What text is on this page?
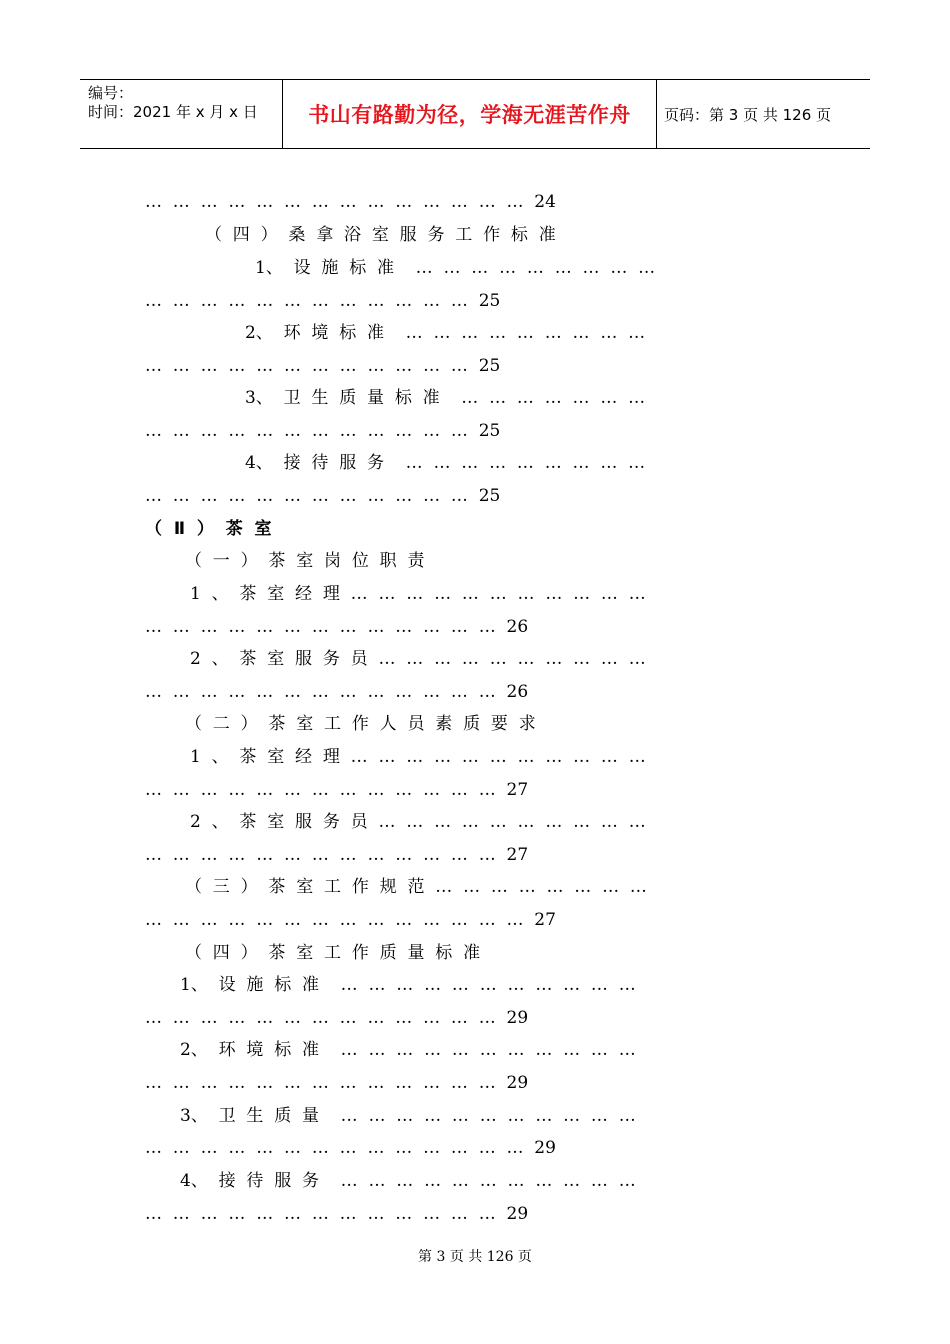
编号：
时间：2021 年 x 月 x 日	书山有路勤为径，学海无涯苦作舟 页码：第 3 页 共 126 页
…  …  …  …  …  …  …  …  …  …  …  …  …  …  24
（  四  ）  桑  拿  浴  室  服  务  工  作  标  准
1、  设  施  标  准    …  …  …  …  …  …  …  …  …
…  …  …  …  …  …  …  …  …  …  …  …  25
2、  环  境  标  准    …  …  …  …  …  …  …  …  …
…  …  …  …  …  …  …  …  …  …  …  …  25
3、  卫  生  质  量  标  准    …  …  …  …  …  …  …
…  …  …  …  …  …  …  …  …  …  …  …  25
4、  接  待  服  务    …  …  …  …  …  …  …  …  …
…  …  …  …  …  …  …  …  …  …  …  …  25
（  Ⅱ  ）  茶  室
（  一  ）  茶  室  岗  位  职  责
1  、  茶  室  经  理  …  …  …  …  …  …  …  …  …  …  …
…  …  …  …  …  …  …  …  …  …  …  …  …  26
2  、  茶  室  服  务  员  …  …  …  …  …  …  …  …  …  …
…  …  …  …  …  …  …  …  …  …  …  …  …  26
（  二  ）  茶  室  工  作  人  员  素  质  要  求
1  、  茶  室  经  理  …  …  …  …  …  …  …  …  …  …  …
…  …  …  …  …  …  …  …  …  …  …  …  …  27
2  、  茶  室  服  务  员  …  …  …  …  …  …  …  …  …  …
…  …  …  …  …  …  …  …  …  …  …  …  …  27
（  三  ）  茶  室  工  作  规  范  …  …  …  …  …  …  …  …
…  …  …  …  …  …  …  …  …  …  …  …  …  …  27
（  四  ）  茶  室  工  作  质  量  标  准
1、  设  施  标  准    …  …  …  …  …  …  …  …  …  …  …
…  …  …  …  …  …  …  …  …  …  …  …  …  29
2、  环  境  标  准    …  …  …  …  …  …  …  …  …  …  …
…  …  …  …  …  …  …  …  …  …  …  …  …  29
3、  卫  生  质  量    …  …  …  …  …  …  …  …  …  …  …
…  …  …  …  …  …  …  …  …  …  …  …  …  …  29
4、  接  待  服  务    …  …  …  …  …  …  …  …  …  …  …
…  …  …  …  …  …  …  …  …  …  …  …  …  29
第 3 页 共 126 页
